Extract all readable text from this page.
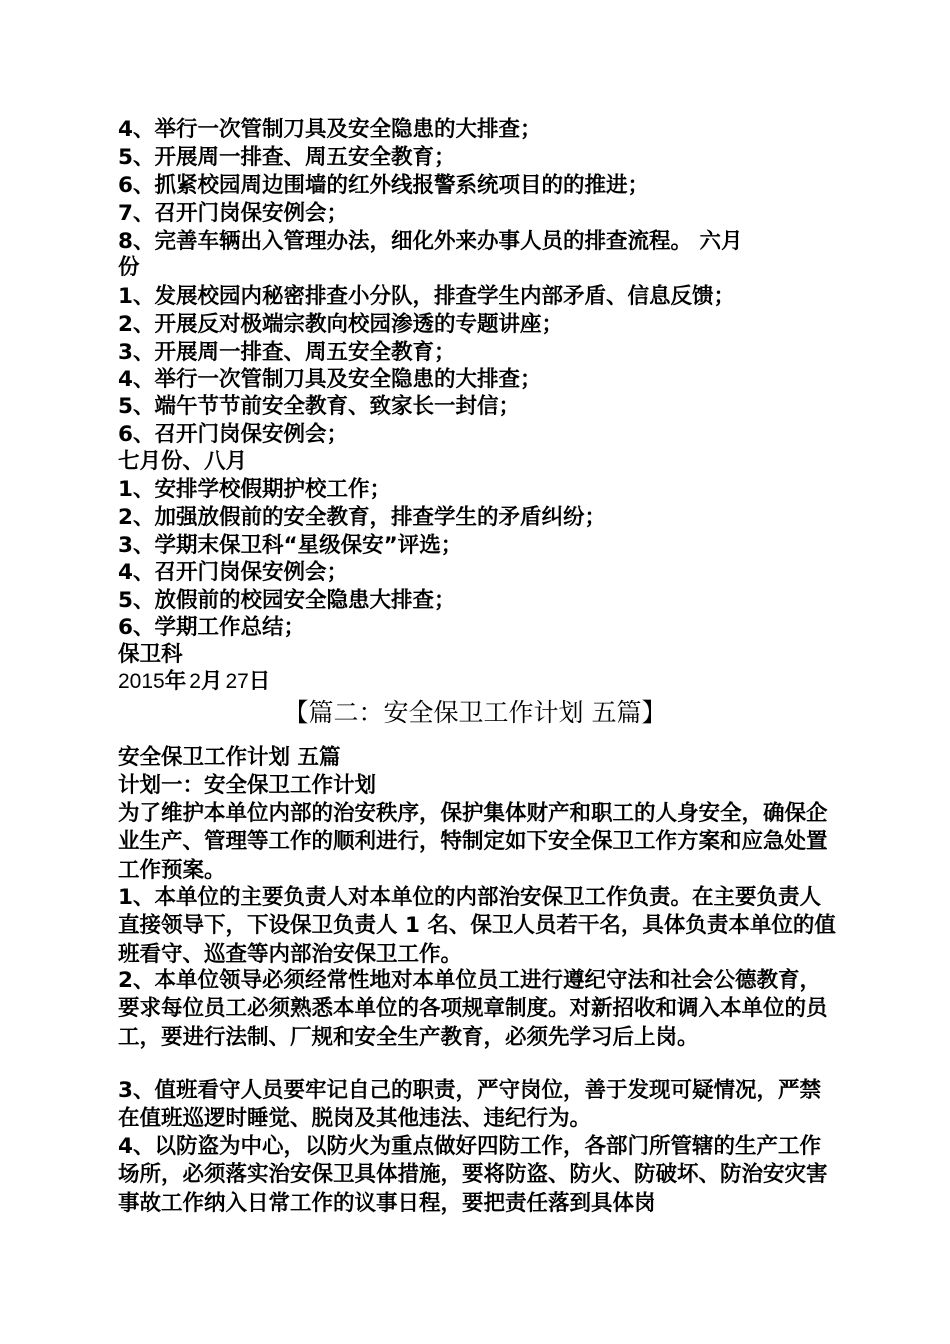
4、举行一次管制刀具及安全隐患的大排查；
5、开展周一排查、周五安全教育；
6、抓紧校园周边围墙的红外线报警系统项目的的推进；
7、召开门岗保安例会；
8、完善车辆出入管理办法，细化外来办事人员的排查流程。 六月
份
1、发展校园内秘密排查小分队，排查学生内部矛盾、信息反馈；
2、开展反对极端宗教向校园渗透的专题讲座；
3、开展周一排查、周五安全教育；
4、举行一次管制刀具及安全隐患的大排查；
5、端午节节前安全教育、致家长一封信；
6、召开门岗保安例会；
七月份、八月
1、安排学校假期护校工作；
2、加强放假前的安全教育，排查学生的矛盾纠纷；
3、学期末保卫科“星级保安”评选；
4、召开门岗保安例会；
5、放假前的校园安全隐患大排查；
6、学期工作总结；
保卫科
2015年 2月 27日
【篇二：安全保卫工作计划 五篇】
安全保卫工作计划 五篇
计划一：安全保卫工作计划
为了维护本单位内部的治安秩序，保护集体财产和职工的人身安全，确保企业生产、管理等工作的顺利进行，特制定如下安全保卫工作方案和应急处置工作预案。
1、本单位的主要负责人对本单位的内部治安保卫工作负责。在主要负责人直接领导下，下设保卫负责人 1 名、保卫人员若干名，具体负责本单位的值班看守、巡查等内部治安保卫工作。
2、本单位领导必须经常性地对本单位员工进行遵纪守法和社会公德教育，要求每位员工必须熟悉本单位的各项规章制度。对新招收和调入本单位的员工，要进行法制、厂规和安全生产教育，必须先学习后上岗。
3、值班看守人员要牢记自己的职责，严守岗位，善于发现可疑情况，严禁在值班巡逻时睡觉、脱岗及其他违法、违纪行为。
4、以防盗为中心，以防火为重点做好四防工作，各部门所管辖的生产工作场所，必须落实治安保卫具体措施，要将防盗、防火、防破坏、防治安灾害事故工作纳入日常工作的议事日程，要把责任落到具体岗
